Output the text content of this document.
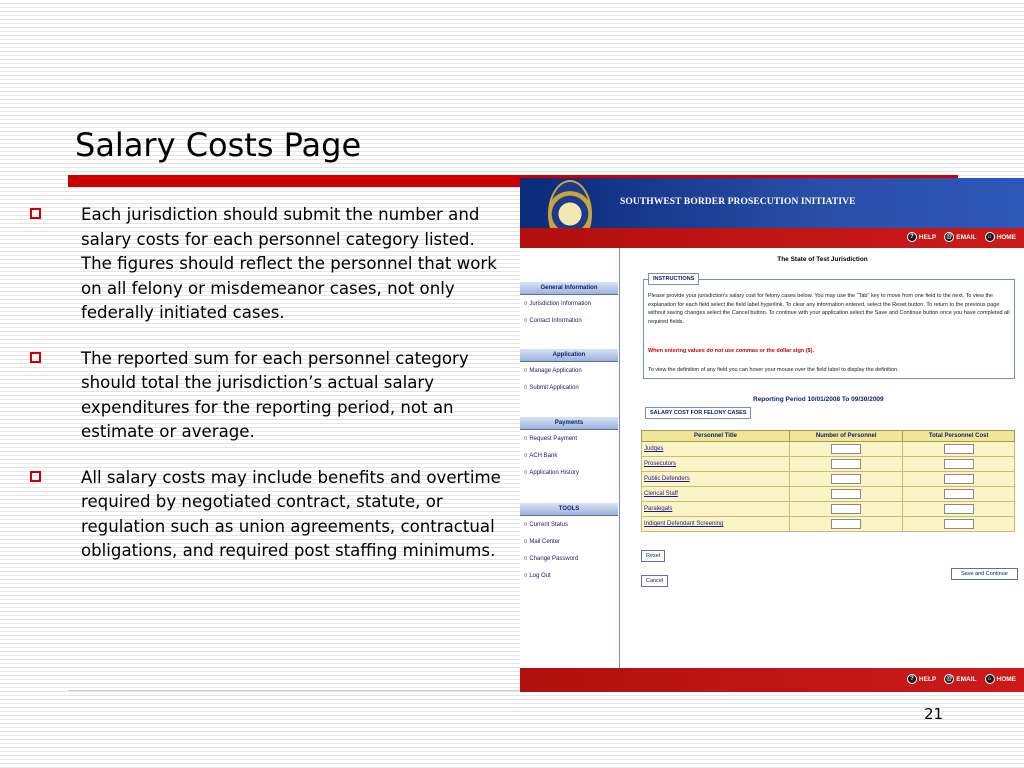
Salary Costs Page
Each jurisdiction should submit the number and salary costs for each personnel category listed. The figures should reflect the personnel that work on all felony or misdemeanor cases, not only federally initiated cases.
The reported sum for each personnel category should total the jurisdiction’s actual salary expenditures for the reporting period, not an estimate or average.
All salary costs may include benefits and overtime required by negotiated contract, statute, or regulation such as union agreements, contractual obligations, and required post staffing minimums.
21
SOUTHWEST BORDER PROSECUTION INITIATIVE
? HELP	@ EMAIL	⌂ HOME
General Information
¤ Jurisdiction Information
¤ Contact Information
Application
¤ Manage Application
¤ Submit Application
Payments
¤ Request Payment
¤ ACH Bank
¤ Application History
TOOLS
¤ Current Status
¤ Mail Center
¤ Change Password
¤ Log Out
The State of Test Jurisdiction
INSTRUCTIONS
Please provide your jurisdiction's salary cost for felony cases below. You may use the "Tab" key to move from one field to the next. To view the explanation for each field select the field label hyperlink. To clear any information entered, select the Reset button. To return to the previous page without saving changes select the Cancel button. To continue with your application select the Save and Continue button once you have completed all required fields.
When entering values do not use commas or the dollar sign ($).
To view the definition of any field you can hover your mouse over the field label to display the definition.
Reporting Period 10/01/2008 To 09/30/2009
SALARY COST FOR FELONY CASES
Personnel Title	Number of Personnel	Total Personnel Cost
Judges		
Prosecutors		
Public Defenders		
Clerical Staff		
Paralegals		
Indigent Defendant Screening		
Reset
Cancel
Save and Continue
? HELP	@ EMAIL	⌂ HOME
